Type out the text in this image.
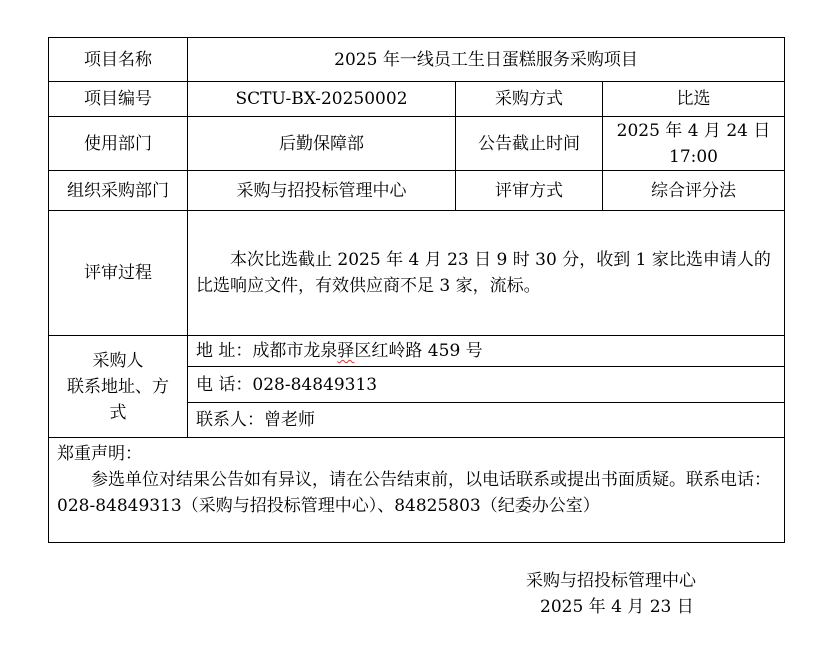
项目名称	2025 年一线员工生日蛋糕服务采购项目		
项目编号	SCTU-BX-20250002	采购方式	比选
使用部门	后勤保障部	公告截止时间	2025 年 4 月 24 日
17:00

组织采购部门	采购与招投标管理中心	评审方式	综合评分法
评审过程	本次比选截止 2025 年 4 月 23 日 9 时 30 分，收到 1 家比选申请人的比选响应文件，有效供应商不足 3 家，流标。		

采购人
联系地址、方
式	地 址：成都市龙泉驿区红岭路 459 号		
	电 话：028-84849313		
	联系人：曾老师		

郑重声明：
参选单位对结果公告如有异议，请在公告结束前，以电话联系或提出书面质疑。联系电话：028-84849313（采购与招投标管理中心）、84825803（纪委办公室）			
采购与招投标管理中心
2025 年 4 月 23 日
